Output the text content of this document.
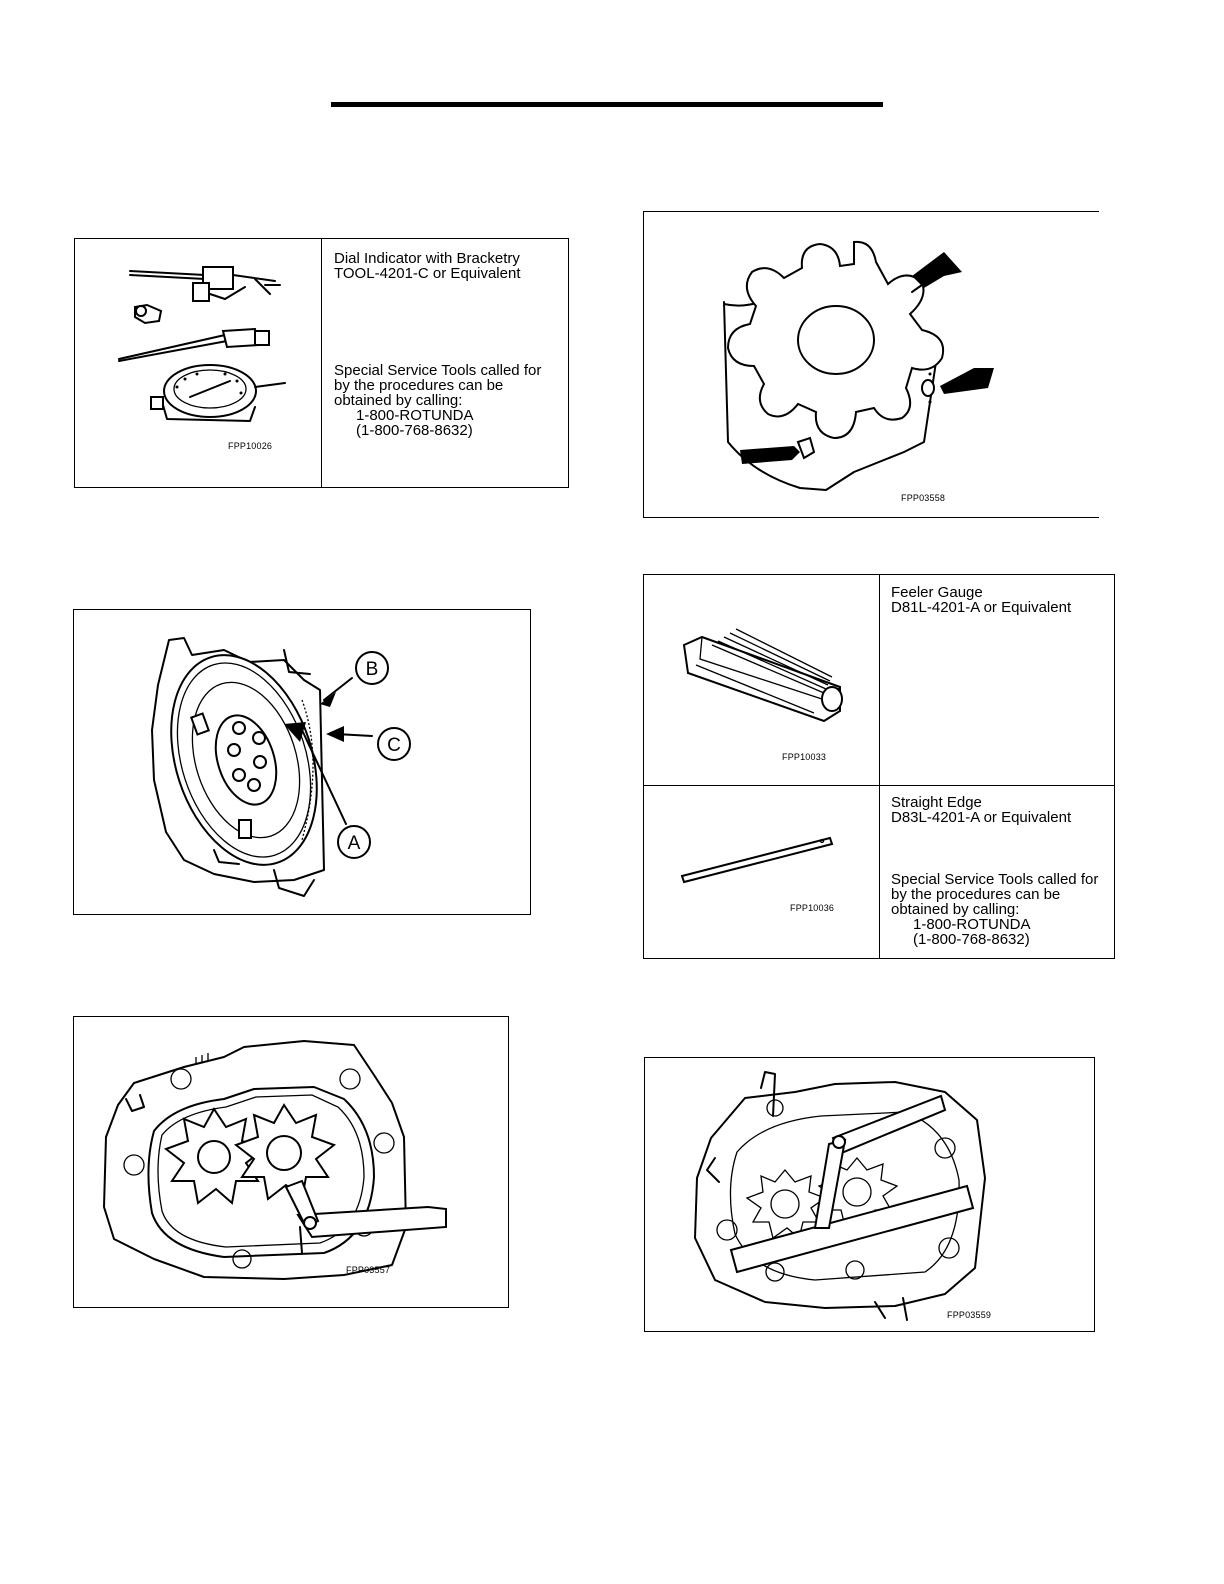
FPP10026

Dial Indicator with Bracketry

TOOL-4201-C or Equivalent

Special Service Tools called for

by the procedures can be

obtained by calling:

1-800-ROTUNDA

(1-800-768-8632)

B
C
A
FPP03557
FPP03558
FPP10033

Feeler Gauge

D81L-4201-A or Equivalent

FPP10036

Straight Edge

D83L-4201-A or Equivalent

Special Service Tools called for

by the procedures can be

obtained by calling:

1-800-ROTUNDA

(1-800-768-8632)

FPP03559
